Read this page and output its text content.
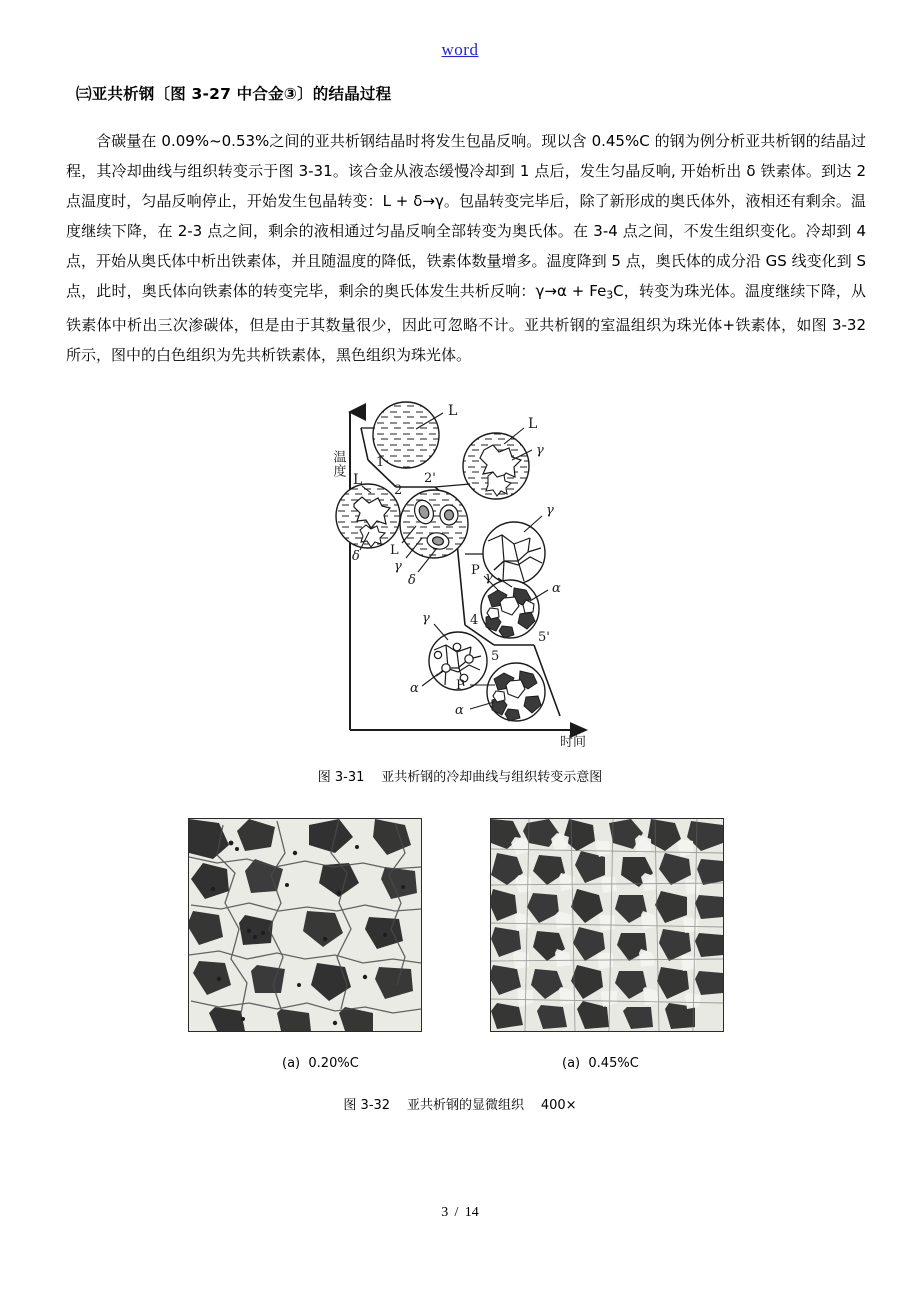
word
㈢亚共析钢〔图 3-27 中合金③〕的结晶过程
含碳量在 0.09%~0.53%之间的亚共析钢结晶时将发生包晶反响。现以含 0.45%C 的钢为例分析亚共析钢的结晶过程，其冷却曲线与组织转变示于图 3-31。该合金从液态缓慢冷却到 1 点后，发生匀晶反响, 开始析出 δ 铁素体。到达 2 点温度时，匀晶反响停止，开始发生包晶转变：L + δ→γ。包晶转变完毕后，除了新形成的奥氏体外，液相还有剩余。温度继续下降，在 2-3 点之间，剩余的液相通过匀晶反响全部转变为奥氏体。在 3-4 点之间，不发生组织变化。冷却到 4 点，开始从奥氏体中析出铁素体，并且随温度的降低，铁素体数量增多。温度降到 5 点，奥氏体的成分沿 GS 线变化到 S 点，此时，奥氏体向铁素体的转变完毕，剩余的奥氏体发生共析反响：$\gamma\to\alpha + Fe_3C$，转变为珠光体。温度继续下降，从铁素体中析出三次渗碳体，但是由于其数量很少，因此可忽略不计。亚共析钢的室温组织为珠光体+铁素体，如图 3-32 所示，图中的白色组织为先共析铁素体，黑色组织为珠光体。
温度
时间
1
2
2'
4
5
5'
L
δ
L
L
γ
δ
L
γ
γ
γ
α
P γ
α
P
α
图 3-31 亚共析钢的冷却曲线与组织转变示意图
(a) 0.20%C	(a) 0.45%C
图 3-32 亚共析钢的显微组织 400×
3 / 14
